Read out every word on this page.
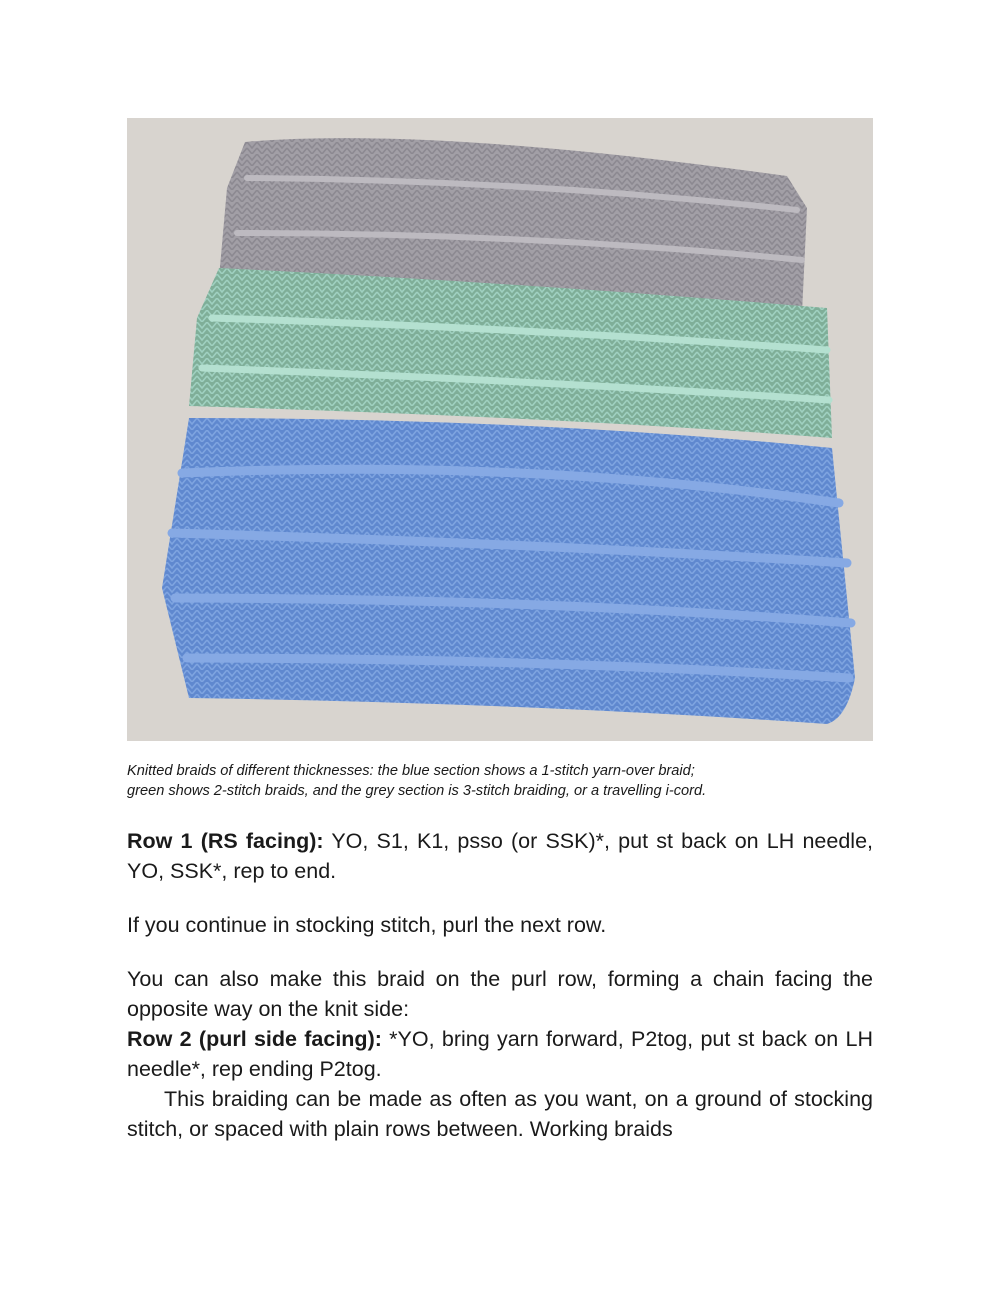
Knitted braids of different thicknesses: the blue section shows a 1-stitch yarn-over braid;
green shows 2-stitch braids, and the grey section is 3-stitch braiding, or a travelling i-cord.

Row 1 (RS facing): YO, S1, K1, psso (or SSK)*, put st back on LH needle, YO, SSK*, rep to end.

If you continue in stocking stitch, purl the next row.

You can also make this braid on the purl row, forming a chain facing the opposite way on the knit side:

Row 2 (purl side facing): *YO, bring yarn forward, P2tog, put st back on LH needle*, rep ending P2tog.

This braiding can be made as often as you want, on a ground of stocking stitch, or spaced with plain rows between. Working braids
